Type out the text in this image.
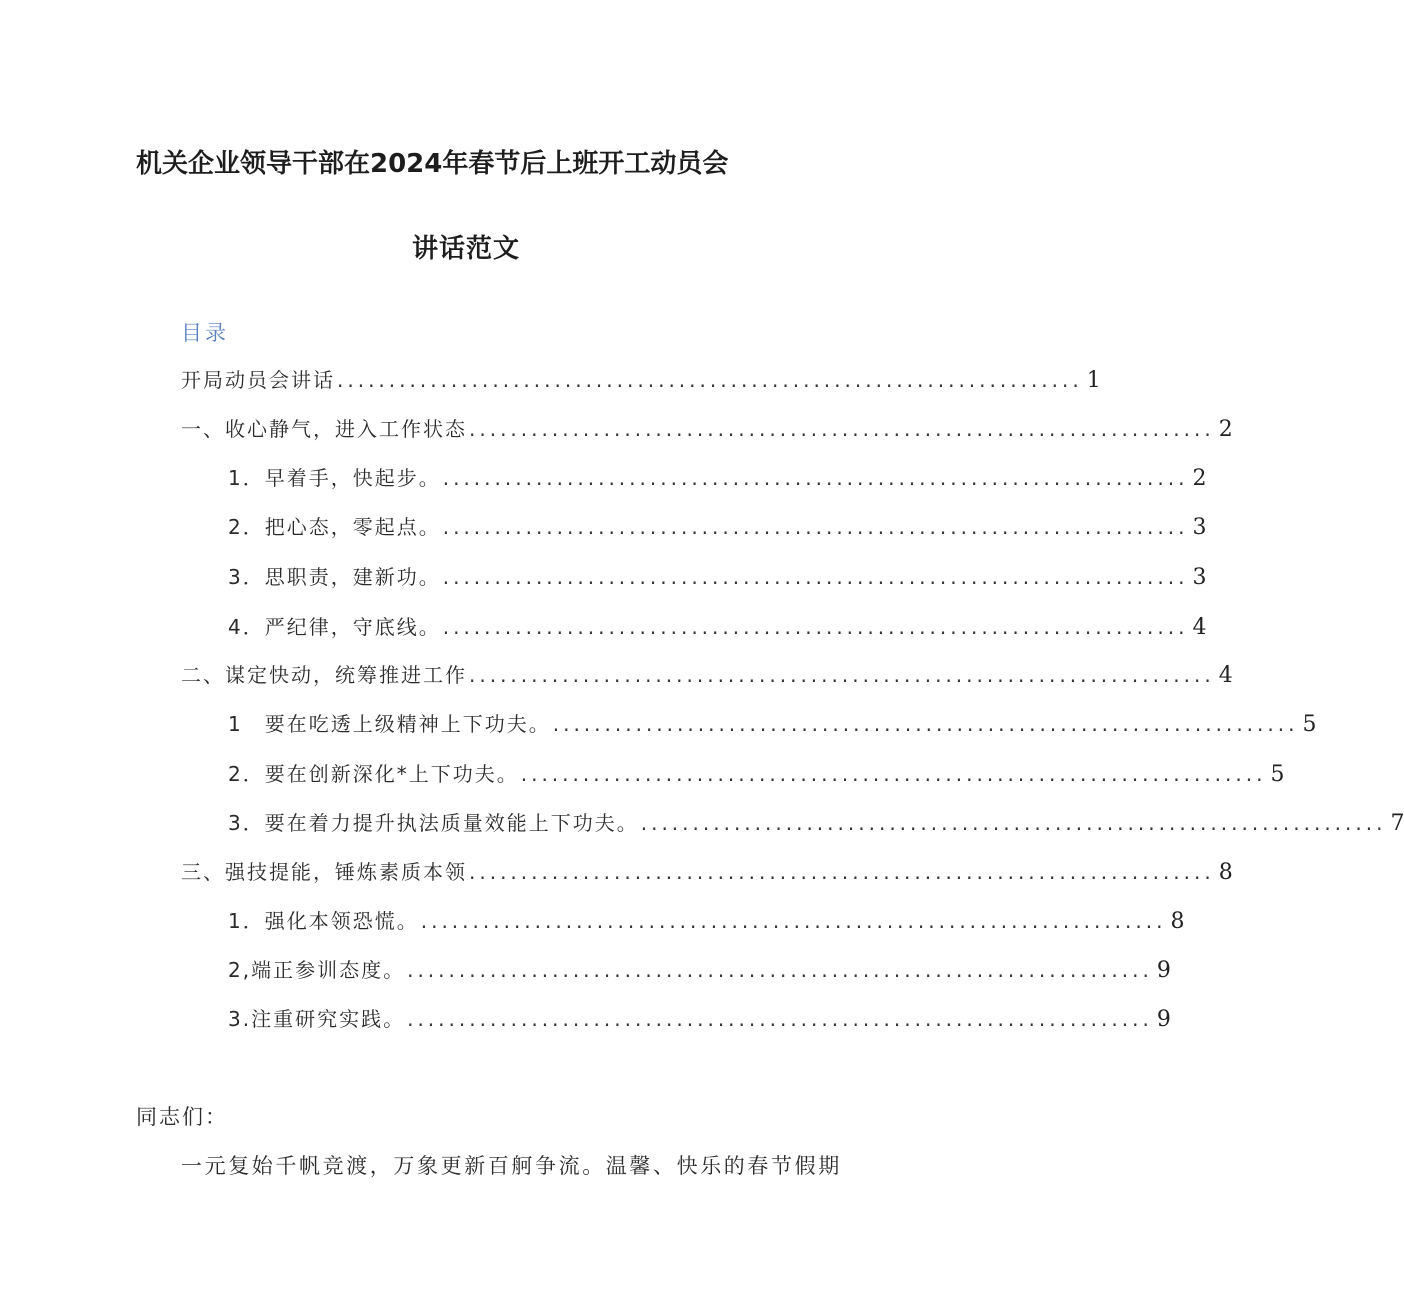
机关企业领导干部在2024年春节后上班开工动员会
讲话范文
目录
开局动员会讲话 ........................................................................ 1
一、收心静气，进入工作状态 ........................................................................ 2
1．早着手，快起步。 ........................................................................ 2
2．把心态，零起点。 ........................................................................ 3
3．思职责，建新功。 ........................................................................ 3
4．严纪律，守底线。 ........................................................................ 4
二、谋定快动，统筹推进工作 ........................................................................ 4
1　要在吃透上级精神上下功夫。 ........................................................................ 5
2．要在创新深化*上下功夫。 ........................................................................ 5
3．要在着力提升执法质量效能上下功夫。 ........................................................................ 7
三、强技提能，锤炼素质本领 ........................................................................ 8
1．强化本领恐慌。 ........................................................................ 8
2,端正参训态度。 ........................................................................ 9
3.注重研究实践。 ........................................................................ 9
同志们：
一元复始千帆竞渡，万象更新百舸争流。温馨、快乐的春节假期
